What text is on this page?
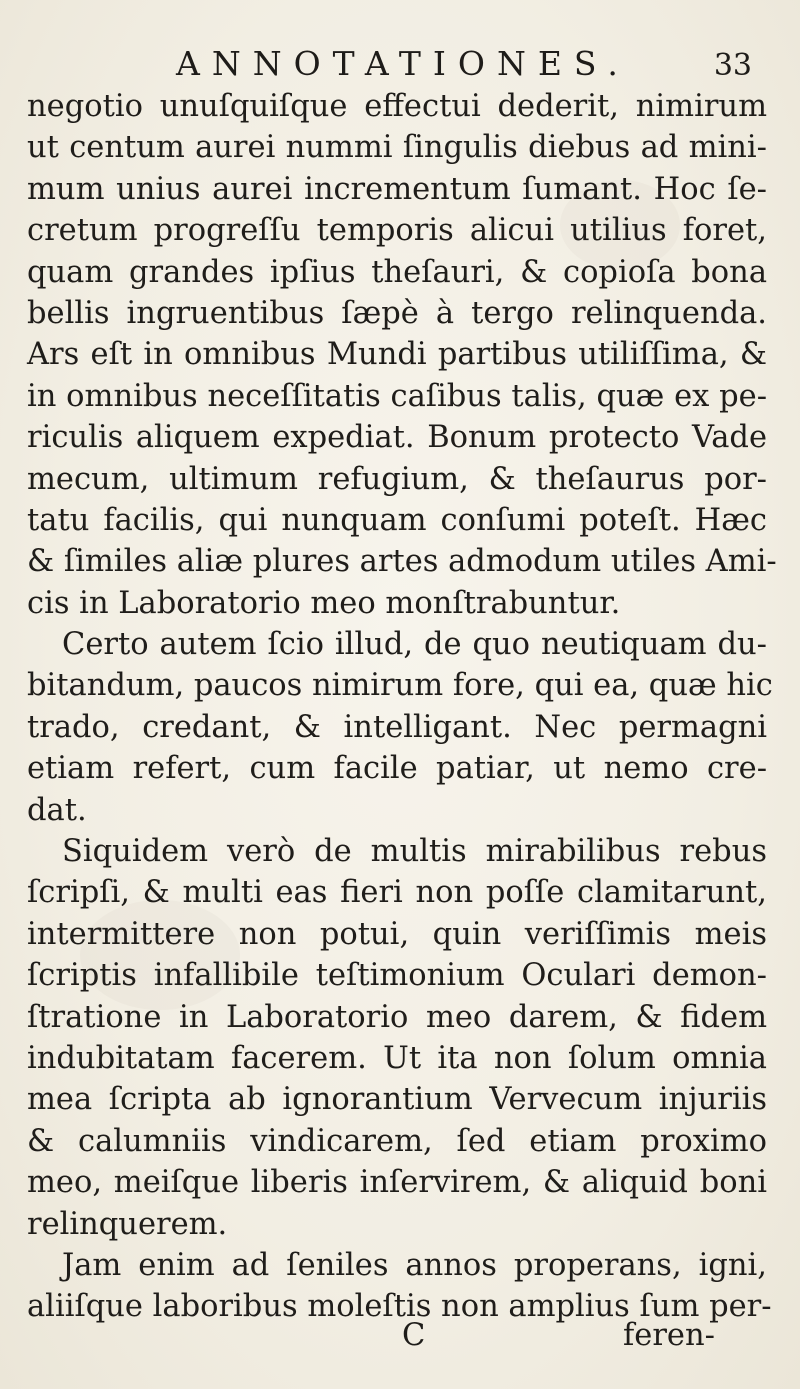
ANNOTATIONES.	33
negotio unuſquiſque effectui dederit, nimirum
ut centum aurei nummi ſingulis diebus ad mini-
mum unius aurei incrementum ſumant. Hoc ſe-
cretum progreſſu temporis alicui utilius foret,
quam grandes ipſius theſauri, & copioſa bona
bellis ingruentibus ſæpè à tergo relinquenda.
Ars eſt in omnibus Mundi partibus utiliſſima, &
in omnibus neceſſitatis caſibus talis, quæ ex pe-
riculis aliquem expediat. Bonum protecto Vade
mecum, ultimum refugium, & theſaurus por-
tatu facilis, qui nunquam conſumi poteſt. Hæc
& ſimiles aliæ plures artes admodum utiles Ami-
cis in Laboratorio meo monſtrabuntur.
Certo autem ſcio illud, de quo neutiquam du-
bitandum, paucos nimirum fore, qui ea, quæ hic
trado, credant, & intelligant. Nec permagni
etiam refert, cum facile patiar, ut nemo cre-
dat.
Siquidem verò de multis mirabilibus rebus
ſcripſi, & multi eas fieri non poſſe clamitarunt,
intermittere non potui, quin veriſſimis meis
ſcriptis infallibile teſtimonium Oculari demon-
ſtratione in Laboratorio meo darem, & fidem
indubitatam facerem. Ut ita non ſolum omnia
mea ſcripta ab ignorantium Vervecum injuriis
& calumniis vindicarem, ſed etiam proximo
meo, meiſque liberis inſervirem, & aliquid boni
relinquerem.
Jam enim ad ſeniles annos properans, igni,
aliiſque laboribus moleſtis non amplius ſum per-
C	feren-
